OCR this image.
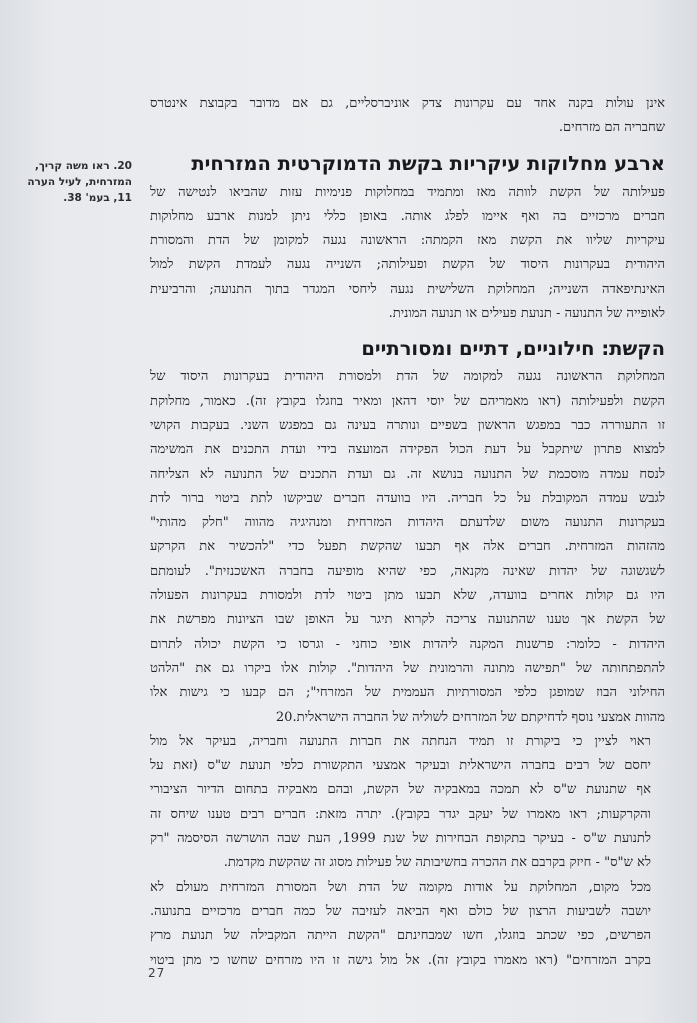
20. ראו משה קריך,
המזרחית, לעיל הערה
11, בעמ' 38.
אינן עולות בקנה אחד עם עקרונות צדק אוניברסליים, גם אם מדובר בקבוצת אינטרס
שחבריה הם מזרחים.
ארבע מחלוקות עיקריות בקשת הדמוקרטית המזרחית
פעילותה של הקשת לוותה מאז ומתמיד במחלוקות פנימיות עזות שהביאו לנטישה של
חברים מרכזיים בה ואף איימו לפלג אותה. באופן כללי ניתן למנות ארבע מחלוקות
עיקריות שליוו את הקשת מאז הקמתה: הראשונה נגעה למקומן של הדת והמסורת
היהודית בעקרונות היסוד של הקשת ופעילותה; השנייה נגעה לעמדת הקשת למול
האינתיפאדה השנייה; המחלוקת השלישית נגעה ליחסי המגדר בתוך התנועה; והרביעית
לאופייה של התנועה - תנועת פעילים או תנועה המונית.
הקשת: חילוניים, דתיים ומסורתיים
המחלוקת הראשונה נגעה למקומה של הדת ולמסורת היהודית בעקרונות היסוד של
הקשת ולפעילותה (ראו מאמריהם של יוסי דהאן ומאיר בוזגלו בקובץ זה). כאמור, מחלוקת
זו התעוררה כבר במפגש הראשון בשפיים ונותרה בעינה גם במפגש השני. בעקבות הקושי
למצוא פתרון שיתקבל על דעת הכול הפקידה המועצה בידי ועדת התכנים את המשימה
לנסח עמדה מוסכמת של התנועה בנושא זה. גם ועדת התכנים של התנועה לא הצליחה
לגבש עמדה המקובלת על כל חבריה. היו בוועדה חברים שביקשו לתת ביטוי ברור לדת
בעקרונות התנועה משום שלדעתם היהדות המזרחית ומנהיגיה מהווה "חלק מהותי"
מהזהות המזרחית. חברים אלה אף תבעו שהקשת תפעל כדי "להכשיר את הקרקע
לשגשוגה של יהדות שאינה מקנאה, כפי שהיא מופיעה בחברה האשכנזית". לעומתם
היו גם קולות אחרים בוועדה, שלא תבעו מתן ביטוי לדת ולמסורת בעקרונות הפעולה
של הקשת אך טענו שהתנועה צריכה לקרוא תיגר על האופן שבו הציונות מפרשת את
היהדות - כלומר: פרשנות המקנה ליהדות אופי כוחני - וגרסו כי הקשת יכולה לתרום
להתפתחותה של "תפישה מתונה והרמונית של היהדות". קולות אלו ביקרו גם את "הלהט
החילוני הבוז שמופגן כלפי המסורתיות העממית של המזרחי"; הם קבעו כי גישות אלו
מהוות אמצעי נוסף לדחיקתם של המזרחים לשוליה של החברה הישראלית.20
ראוי לציין כי ביקורת זו תמיד הנחתה את חברות התנועה וחבריה, בעיקר אל מול
יחסם של רבים בחברה הישראלית ובעיקר אמצעי התקשורת כלפי תנועת ש"ס (זאת על
אף שתנועת ש"ס לא תמכה במאבקיה של הקשת, ובהם מאבקיה בתחום הדיור הציבורי
והקרקעות; ראו מאמרו של יעקב יגדר בקובץ). יתרה מזאת: חברים רבים טענו שיחס זה
לתנועת ש"ס - בעיקר בתקופת הבחירות של שנת 1999, העת שבה הושרשה הסיסמה "רק
לא ש"ס" - חיזק בקרבם את ההכרה בחשיבותה של פעילות מסוג זה שהקשת מקדמת.
מכל מקום, המחלוקת על אודות מקומה של הדת ושל המסורת המזרחית מעולם לא
יושבה לשביעות הרצון של כולם ואף הביאה לעזיבה של כמה חברים מרכזיים בתנועה.
הפרשים, כפי שכתב בוזגלו, חשו שמבחינתם "הקשת הייתה המקבילה של תנועת מרץ
בקרב המזרחים" (ראו מאמרו בקובץ זה). אל מול גישה זו היו מזרחים שחשו כי מתן ביטוי
27
